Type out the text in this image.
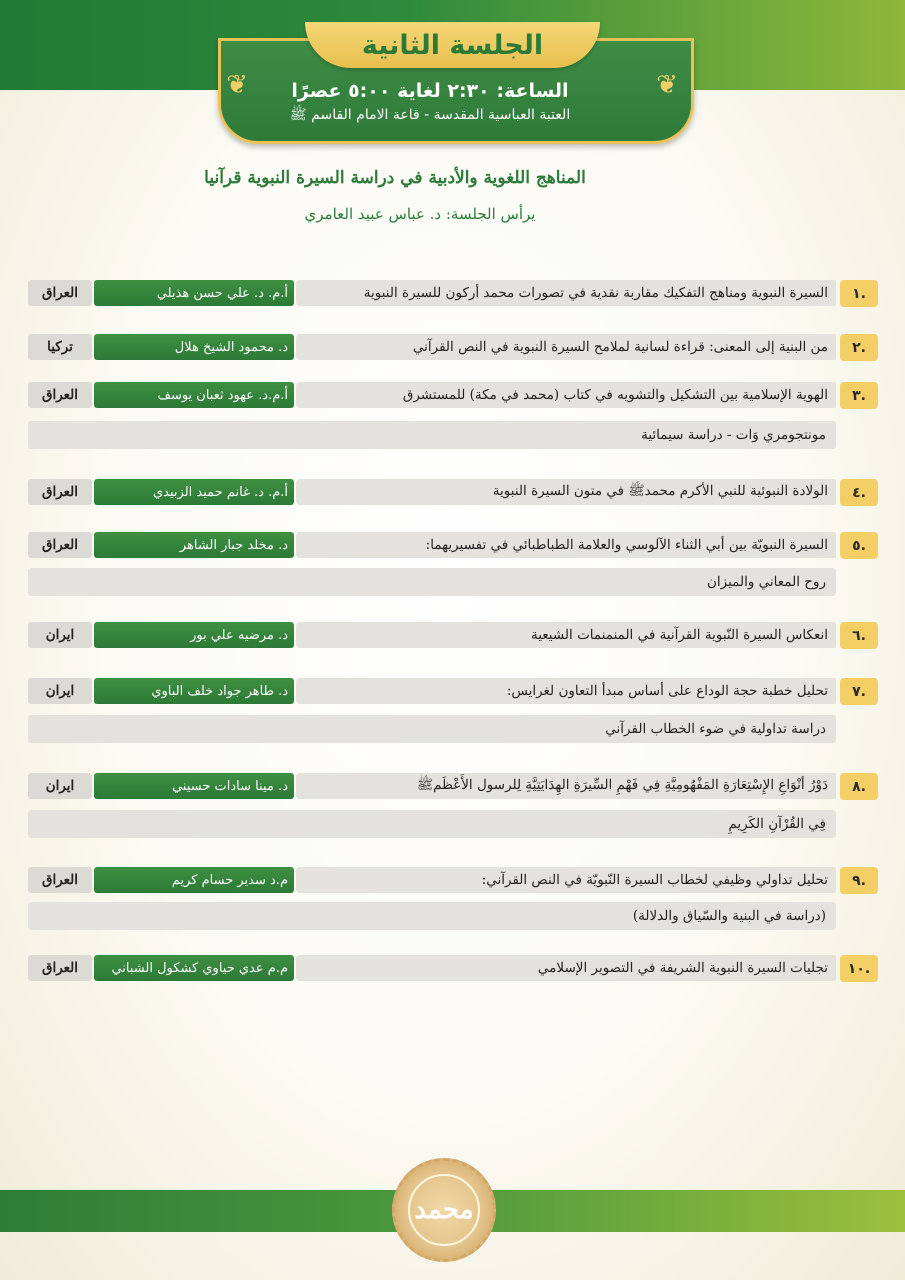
الجلسة الثانية
❦	❦
الساعة: ٢:٣٠ لغاية ٥:٠٠ عصرًا
العتبة العباسية المقدسة - قاعة الامام القاسم ﷺ
المناهج اللغوية والأدبية في دراسة السيرة النبوية قرآنيا
يرأس الجلسة: د. عباس عبيد العامري
.١
السيرة النبوية ومناهج التفكيك مقاربة نقدية في تصورات محمد أركون للسيرة النبوية
أ.م. د. علي حسن هذيلي
العراق
.٢
من البنية إلى المعنى: قراءة لسانية لملامح السيرة النبوية في النص القرآني
د. محمود الشيخ هلال
تركيا
.٣
الهوية الإسلامية بين التشكيل والتشويه في كتاب (محمد في مكة) للمستشرق
أ.م.د. عهود ثعبان يوسف
العراق
مونتجومري وَات - دراسة سيمائية
.٤
الولادة النبوئية للنبي الأكرم محمدﷺ في متون السيرة النبوية
أ.م. د. غانم حميد الزبيدي
العراق
.٥
السيرة النبويّة بين أبي الثناء الآلوسي والعلامة الطباطبائي في تفسيريهما:
د. مخلد جبار الشاهر
العراق
روح المعاني والميزان
.٦
انعكاس السيرة النّبوية القرآنية في المنمنمات الشيعية
د. مرضيه علي بور
ايران
.٧
تحليل خطبة حجة الوداع على أساس مبدأ التعاون لغرايس:
د. طاهر جواد خلف الباوي
ايران
دراسة تداولية في ضوء الخطاب القرآني
.٨
دَوْرُ أنْوَاعِ الإِسْتِعَارَةِ المَفْهُومِيَّةِ فِي فَهْمِ السِّيرَةِ الهِدَايَتِيَّةِ لِلرسول الأَعْظَمﷺ
د. مينا سادات حسيني
ايران
فِي القُرْآنِ الكَرِيمِ
.٩
تحليل تداولي وظيفي لخطاب السيرة النّبويّة في النص القرآني:
م.د سدير حسام كريم
العراق
(دراسة في البنية والسّياق والدلالة)
.١٠
تجليات السيرة النبوية الشريفة في التصوير الإسلامي
م.م عدي حياوي كشكول الشباني
العراق
محمد
